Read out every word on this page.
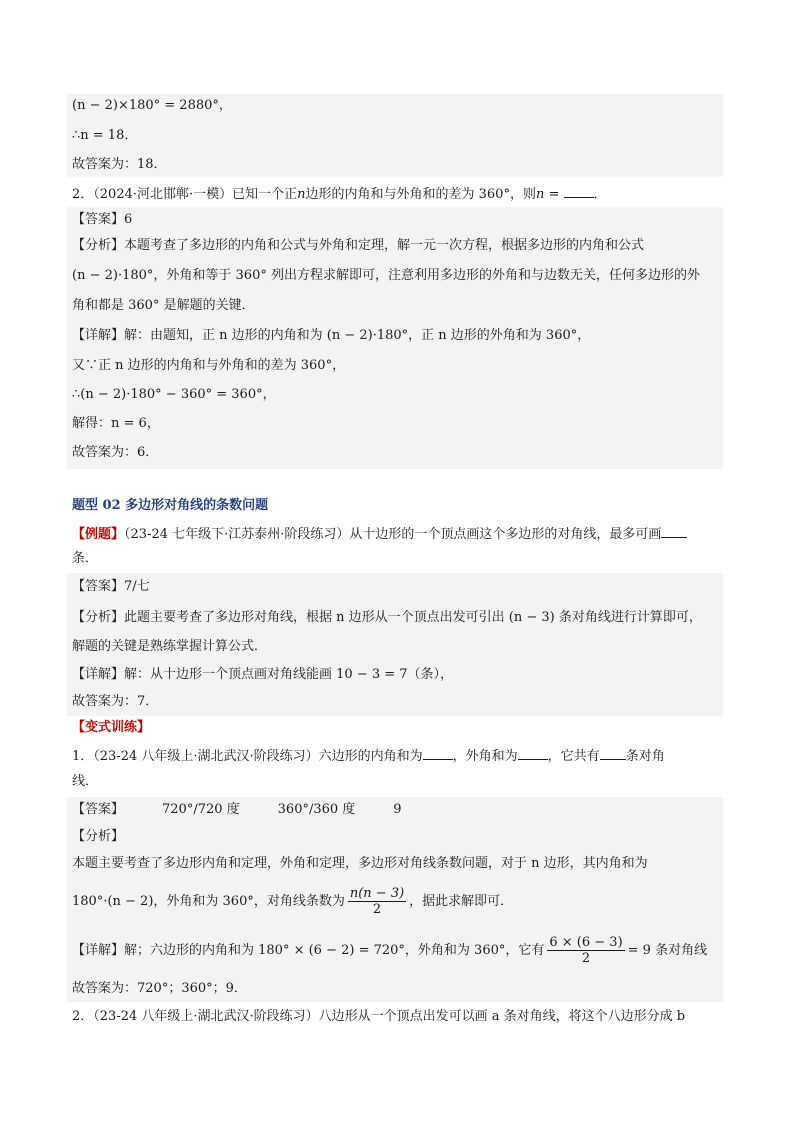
(n − 2)×180° = 2880°，
∴n = 18．
故答案为：18．
2．（2024·河北邯郸·一模）已知一个正n边形的内角和与外角和的差为 360°，则n = ．
【答案】6
【分析】本题考查了多边形的内角和公式与外角和定理，解一元一次方程，根据多边形的内角和公式
(n − 2)·180°，外角和等于 360° 列出方程求解即可，注意利用多边形的外角和与边数无关，任何多边形的外
角和都是 360° 是解题的关键．
【详解】解：由题知，正 n 边形的内角和为 (n − 2)·180°，正 n 边形的外角和为 360°，
又∵正 n 边形的内角和与外角和的差为 360°，
∴(n − 2)·180° − 360° = 360°，
解得：n = 6，
故答案为：6．
题型 02 多边形对角线的条数问题
【例题】（23-24 七年级下·江苏泰州·阶段练习）从十边形的一个顶点画这个多边形的对角线，最多可画
条．
【答案】7/七
【分析】此题主要考查了多边形对角线，根据 n 边形从一个顶点出发可引出 (n − 3) 条对角线进行计算即可，
解题的关键是熟练掌握计算公式．
【详解】解：从十边形一个顶点画对角线能画 10 − 3 = 7（条），
故答案为：7．
【变式训练】
1．（23-24 八年级上·湖北武汉·阶段练习）六边形的内角和为 ，外角和为 ，它共有 条对角
线．
【答案】	720°/720 度	360°/360 度	9
【分析】
本题主要考查了多边形内角和定理，外角和定理，多边形对角线条数问题，对于 n 边形，其内角和为
180°·(n − 2)，外角和为 360°，对角线条数为 $\frac{n(n - 3)}{2}$ ，据此求解即可．
【详解】解；六边形的内角和为 180° × (6 − 2) = 720°，外角和为 360°，它有 $\frac{6 \times (6 - 3)}{2} = 9$ 条对角线
故答案为：720°；360°；9．
2．（23-24 八年级上·湖北武汉·阶段练习）八边形从一个顶点出发可以画 a 条对角线，将这个八边形分成 b
